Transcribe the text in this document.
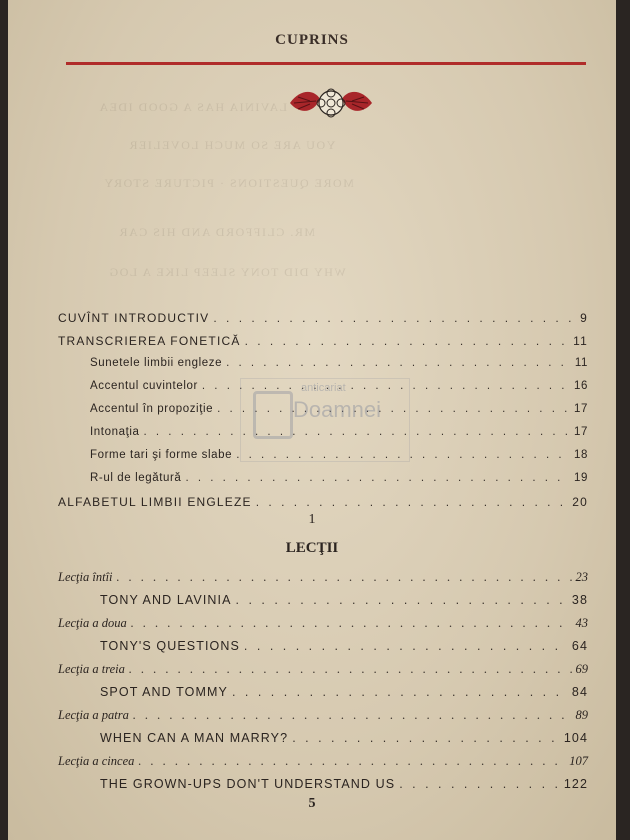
LAVINIA HAS A GOOD IDEA
YOU ARE SO MUCH LOVELIER
MORE QUESTIONS · PICTURE STORY
MR. CLIFFORD AND HIS CAR
WHY DID TONY SLEEP LIKE A LOG
CUPRINS
CUVÎNT INTRODUCTIV . . .	9
TRANSCRIEREA FONETICĂ . . .	11
Sunetele limbii engleze . . .	11
Accentul cuvintelor . . .	16
Accentul în propoziţie . . .	17
Intonaţia . . .	17
Forme tari şi forme slabe . . .	18
R-ul de legătură . . .	19
ALFABETUL LIMBII ENGLEZE . . .	20
1
LECŢII
Lecţia întîi . . .	23
TONY AND LAVINIA . . .	38
Lecţia a doua . . .	43
TONY'S QUESTIONS . . .	64
Lecţia a treia . . .	69
SPOT AND TOMMY . . .	84
Lecţia a patra . . .	89
WHEN CAN A MAN MARRY? . . .	104
Lecţia a cincea . . .	107
THE GROWN-UPS DON'T UNDERSTAND US . . .	122
5
anticariat
Doamnei
